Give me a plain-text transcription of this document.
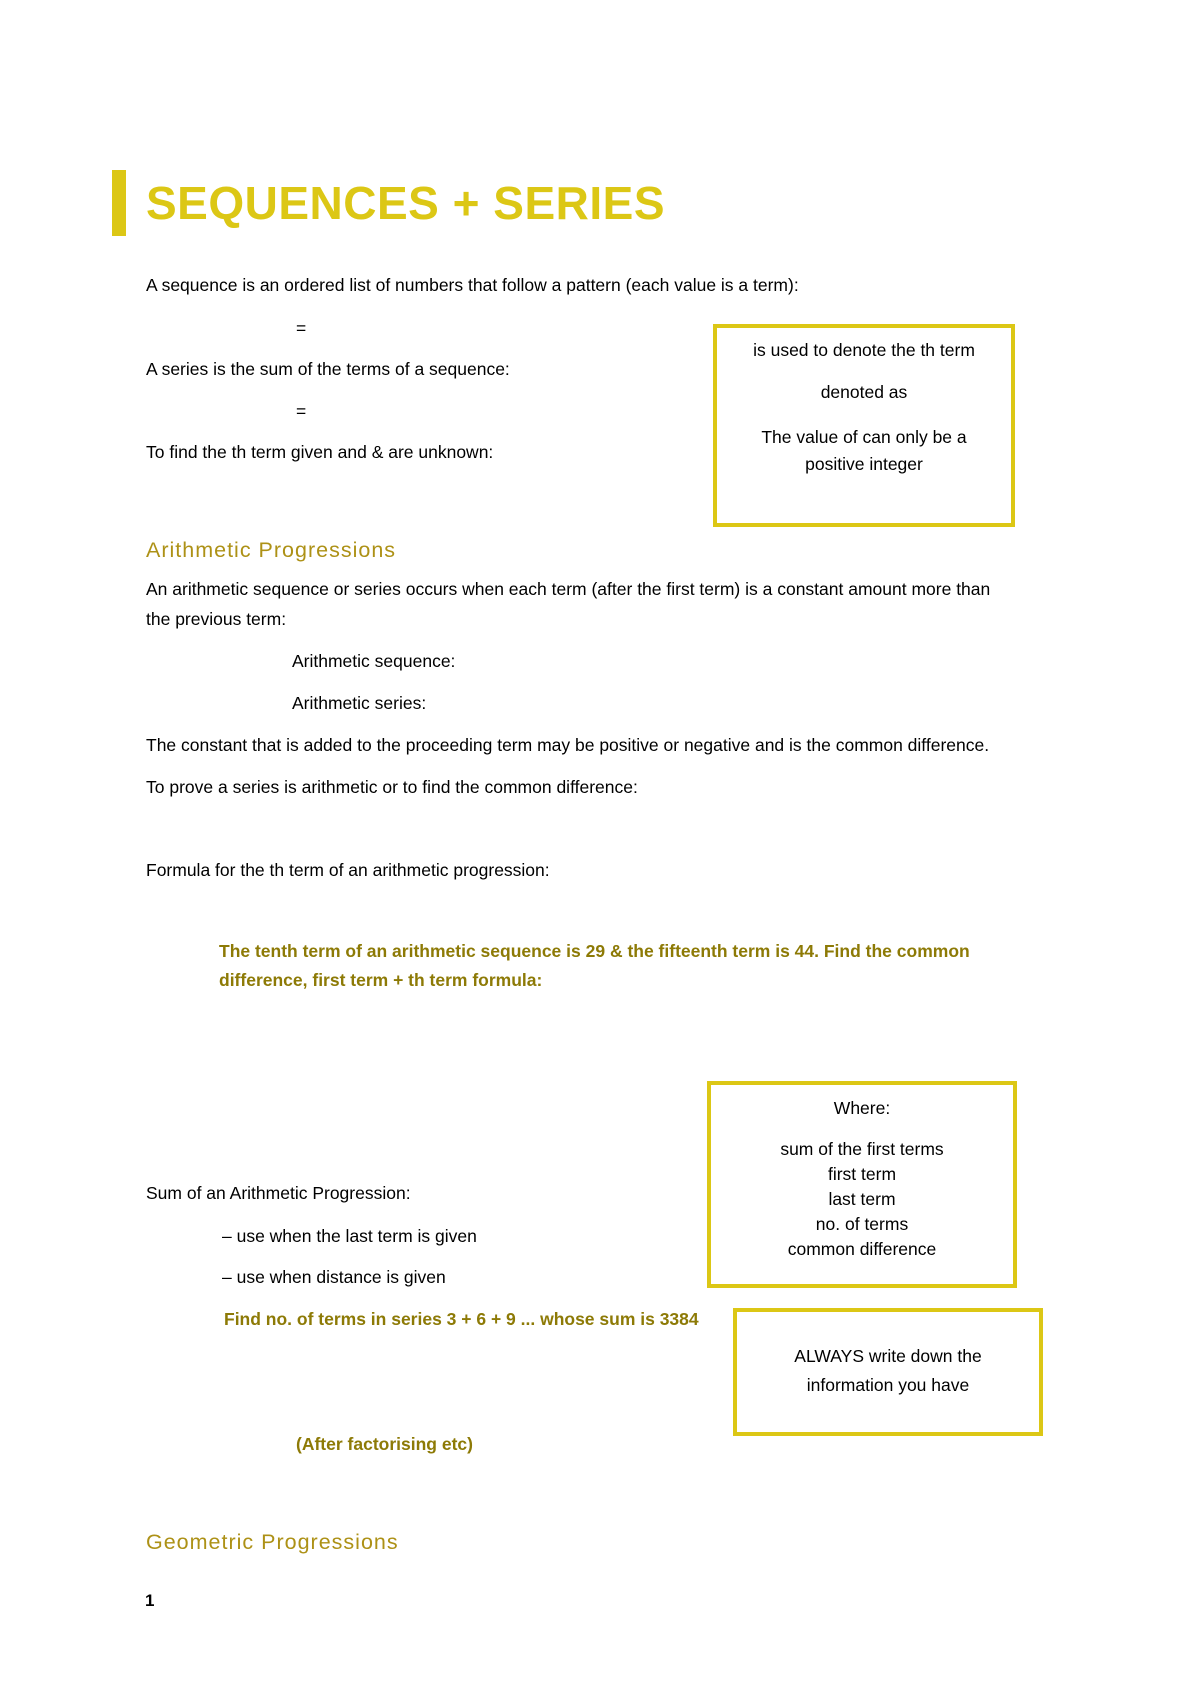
SEQUENCES + SERIES
A sequence is an ordered list of numbers that follow a pattern (each value is a term):
=
A series is the sum of the terms of a sequence:
=
To find the th term given and & are unknown:

is used to denote the th term

denoted as

The value of can only be a

positive integer

Arithmetic Progressions
An arithmetic sequence or series occurs when each term (after the first term) is a constant amount more than
the previous term:
Arithmetic sequence:
Arithmetic series:
The constant that is added to the proceeding term may be positive or negative and is the common difference.
To prove a series is arithmetic or to find the common difference:
Formula for the th term of an arithmetic progression:
The tenth term of an arithmetic sequence is 29 & the fifteenth term is 44. Find the common
difference, first term + th term formula:

Where:

sum of the first terms

first term

last term

no. of terms

common difference

Sum of an Arithmetic Progression:
– use when the last term is given
– use when distance is given
Find no. of terms in series 3 + 6 + 9 ... whose sum is 3384

ALWAYS write down the

information you have

(After factorising etc)
Geometric Progressions
1
